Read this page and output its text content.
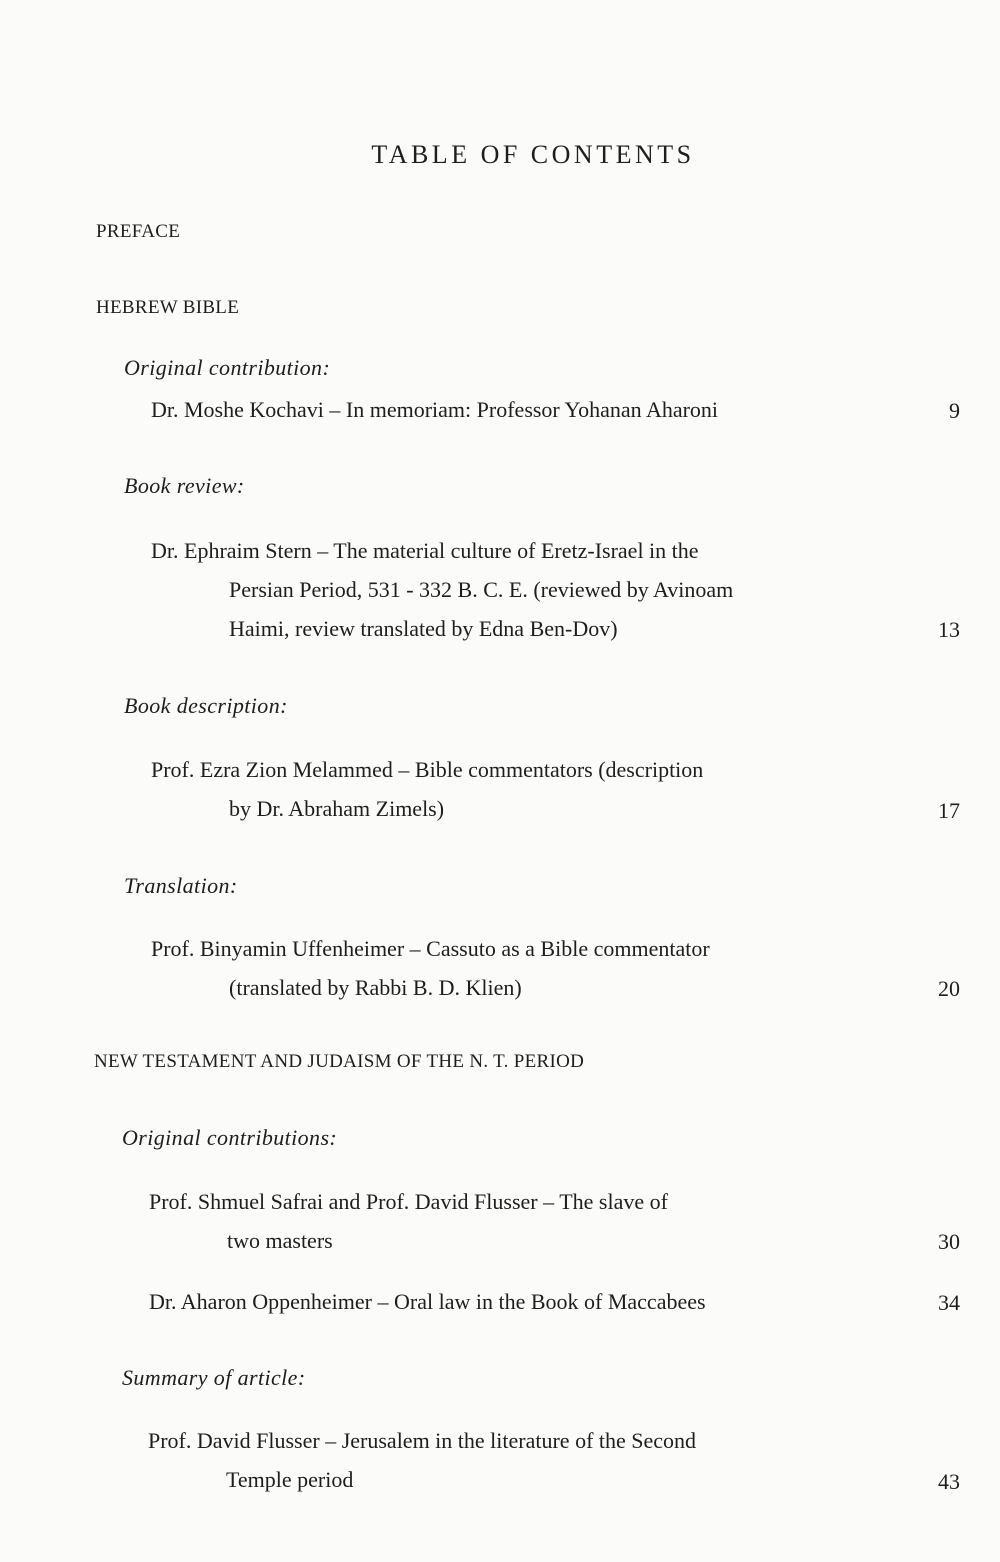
TABLE OF CONTENTS
PREFACE
HEBREW BIBLE
Original contribution:
Dr. Moshe Kochavi – In memoriam: Professor Yohanan Aharoni	9
Book review:
Dr. Ephraim Stern – The material culture of Eretz-Israel in the
Persian Period, 531 - 332 B. C. E. (reviewed by Avinoam
Haimi, review translated by Edna Ben-Dov)	13
Book description:
Prof. Ezra Zion Melammed – Bible commentators (description
by Dr. Abraham Zimels)	17
Translation:
Prof. Binyamin Uffenheimer – Cassuto as a Bible commentator
(translated by Rabbi B. D. Klien)	20
NEW TESTAMENT AND JUDAISM OF THE N. T. PERIOD
Original contributions:
Prof. Shmuel Safrai and Prof. David Flusser – The slave of
two masters	30
Dr. Aharon Oppenheimer – Oral law in the Book of Maccabees	34
Summary of article:
Prof. David Flusser – Jerusalem in the literature of the Second
Temple period	43
